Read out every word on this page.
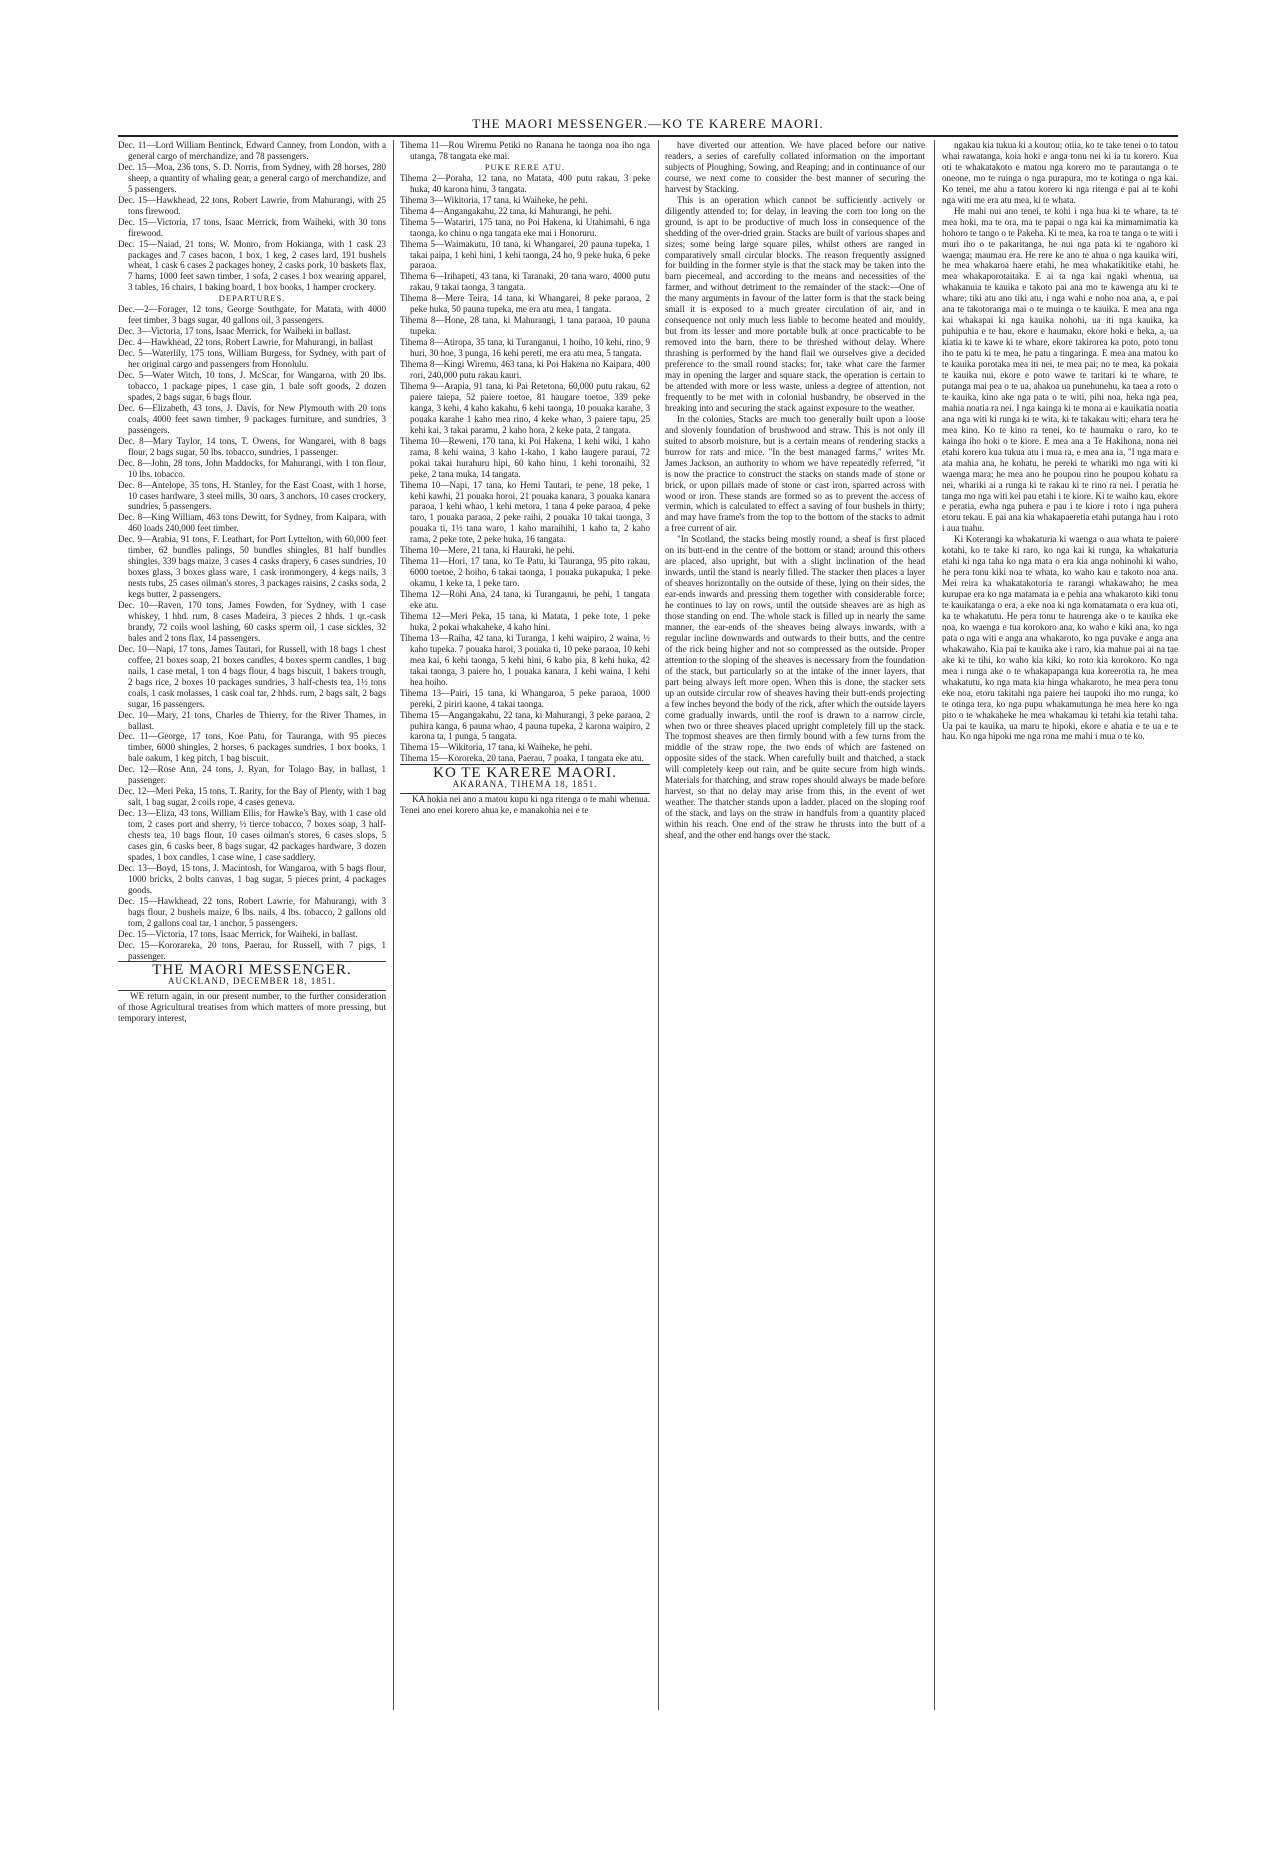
THE MAORI MESSENGER.—KO TE KARERE MAORI.

Dec. 11—Lord William Bentinck, Edward Canney, from London, with a general cargo of merchandize, and 78 passengers.

Dec. 15—Moa, 236 tons, S. D. Norris, from Sydney, with 28 horses, 280 sheep, a quantity of whaling gear, a general cargo of merchandize, and 5 passengers.

Dec. 15—Hawkhead, 22 tons, Robert Lawrie, from Mahurangi, with 25 tons firewood.

Dec. 15—Victoria, 17 tons, Isaac Merrick, from Waiheki, with 30 tons firewood.

Dec. 15—Naiad, 21 tons, W. Monro, from Hokianga, with 1 cask 23 packages and 7 cases bacon, 1 box, 1 keg, 2 cases lard, 191 bushels wheat, 1 cask 6 cases 2 packages honey, 2 casks pork, 10 baskets flax, 7 hams, 1000 feet sawn timber, 1 sofa, 2 cases 1 box wearing apparel, 3 tables, 16 chairs, 1 baking board, 1 box books, 1 hamper crockery.

DEPARTURES.

Dec.—2—Forager, 12 tons, George Southgate, for Matata, with 4000 feet timber, 3 bags sugar, 40 gallons oil, 3 passengers.

Dec. 3—Victoria, 17 tons, Isaac Merrick, for Waiheki in ballast.

Dec. 4—Hawkhead, 22 tons, Robert Lawrie, for Mahurangi, in ballast

Dec. 5—Waterlily, 175 tons, William Burgess, for Sydney, with part of her original cargo and passengers from Honolulu.

Dec. 5—Water Witch, 10 tons, J. McScar, for Wangaroa, with 20 lbs. tobacco, 1 package pipes, 1 case gin, 1 bale soft goods, 2 dozen spades, 2 bags sugar, 6 bags flour.

Dec. 6—Elizabeth, 43 tons, J. Davis, for New Plymouth with 20 tons coals, 4000 feet sawn timber, 9 packages furniture, and sundries, 3 passengers.

Dec. 8—Mary Taylor, 14 tons, T. Owens, for Wangarei, with 8 bags flour, 2 bags sugar, 50 lbs. tobacco, sundries, 1 passenger.

Dec. 8—John, 28 tons, John Maddocks, for Mahurangi, with 1 ton flour, 10 lbs. tobacco.

Dec. 8—Antelope, 35 tons, H. Stanley, for the East Coast, with 1 horse, 10 cases hardware, 3 steel mills, 30 oars, 3 anchors, 10 cases crockery, sundries, 5 passengers.

Dec. 8—King William, 463 tons Dewitt, for Sydney, from Kaipara, with 460 loads 240,000 feet timber.

Dec. 9—Arabia, 91 tons, F. Leathart, for Port Lyttelton, with 60,000 feet timber, 62 bundles palings, 50 bundles shingles, 81 half bundles shingles, 339 bags maize, 3 cases 4 casks drapery, 6 cases sundries, 10 boxes glass, 3 boxes glass ware, 1 cask ironmongery, 4 kegs nails, 3 nests tubs, 25 cases oilman's stores, 3 packages raisins, 2 casks soda, 2 kegs butter, 2 passengers.

Dec. 10—Raven, 170 tons, James Fowden, for Sydney, with 1 case whiskey, 1 hhd. rum, 8 cases Madeira, 3 pieces 2 hhds. 1 qr.-cask brandy, 72 coils wool lashing, 60 casks sperm oil, 1 case sickles, 32 bales and 2 tons flax, 14 passengers.

Dec. 10—Napi, 17 tons, James Tautari, for Russell, with 18 bags 1 chest coffee, 21 boxes soap, 21 boxes candles, 4 boxes sperm candles, 1 bag nails, 1 case metal, 1 ton 4 bags flour, 4 bags biscuit, 1 bakers trough, 2 bags rice, 2 boxes 10 packages sundries, 3 half-chests tea, 1½ tons coals, 1 cask molasses, 1 cask coal tar, 2 hhds. rum, 2 bags salt, 2 bags sugar, 16 passengers.

Dec. 10—Mary, 21 tons, Charles de Thierry, for the River Thames, in ballast.

Dec. 11—George, 17 tons, Koe Patu, for Tauranga, with 95 pieces timber, 6000 shingles, 2 horses, 6 packages sundries, 1 box books, 1 bale oakum, 1 keg pitch, 1 bag biscuit.

Dec. 12—Rose Ann, 24 tons, J. Ryan, for Tolago Bay, in ballast, 1 passenger.

Dec. 12—Meri Peka, 15 tons, T. Rarity, for the Bay of Plenty, with 1 bag salt, 1 bag sugar, 2 coils rope, 4 cases geneva.

Dec. 13—Eliza, 43 tons, William Ellis, for Hawke's Bay, with 1 case old tom, 2 cases port and sherry, ½ tierce tobacco, 7 boxes soap, 3 half-chests tea, 10 bags flour, 10 cases oilman's stores, 6 cases slops, 5 cases gin, 6 casks beer, 8 bags sugar, 42 packages hardware, 3 dozen spades, 1 box candles, 1 case wine, 1 case saddlery.

Dec. 13—Boyd, 15 tons, J. Macintosh, for Wangaroa, with 5 bags flour, 1000 bricks, 2 bolts canvas, 1 bag sugar, 5 pieces print, 4 packages goods.

Dec. 15—Hawkhead, 22 tons, Robert Lawrie, for Mahurangi, with 3 bags flour, 2 bushels maize, 6 lbs. nails, 4 lbs. tobacco, 2 gallons old tom, 2 gallons coal tar, 1 anchor, 5 passengers.

Dec. 15—Victoria, 17 tons, Isaac Merrick, for Waiheki, in ballast.

Dec. 15—Kororareka, 20 tons, Paerau, for Russell, with 7 pigs, 1 passenger.

THE MAORI MESSENGER.

AUCKLAND, DECEMBER 18, 1851.

WE return again, in our present number, to the further consideration of those Agricultural treatises from which matters of more pressing, but temporary interest,

Tihema 11—Rou Wiremu Petiki no Ranana he taonga noa iho nga utanga, 78 tangata eke mai.

PUKE RERE ATU.

Tihema 2—Poraha, 12 tana, no Matata, 400 putu rakau, 3 peke huka, 40 karona hinu, 3 tangata.

Tihema 3—Wikitoria, 17 tana, ki Waiheke, he pehi.

Tihema 4—Angangakahu, 22 tana, ki Mahurangi, he pehi.

Tihema 5—Watariri, 175 tana, no Poi Hakena, ki Utahimahi, 6 nga taonga, ko chinu o nga tangata eke mai i Honoruru.

Tihema 5—Waimakutu, 10 tana, ki Whangarei, 20 pauna tupeka, 1 takai paipa, 1 kehi hini, 1 kehi taonga, 24 ho, 9 peke huka, 6 peke paraoa.

Tihema 6—Irihapeti, 43 tana, ki Taranaki, 20 tana waro, 4000 putu rakau, 9 takai taonga, 3 tangata.

Tihema 8—Mere Teira, 14 tana, ki Whangarei, 8 peke paraoa, 2 peke huka, 50 pauna tupeka, me era atu mea, 1 tangata.

Tihema 8—Hone, 28 tana, ki Mahurangi, 1 tana paraoa, 10 pauna tupeka.

Tihema 8—Atiropa, 35 tana, ki Turanganui, 1 hoiho, 10 kehi, rino, 9 huri, 30 hoe, 3 punga, 16 kehi pereti, me era atu mea, 5 tangata.

Tihema 8—Kingi Wiremu, 463 tana, ki Poi Hakena no Kaipara, 400 rori, 240,000 putu rakau kauri.

Tihema 9—Arapia, 91 tana, ki Pai Retetona, 60,000 putu rakau, 62 paiere taiepa, 52 paiere toetoe, 81 haugare toetoe, 339 peke kanga, 3 kehi, 4 kaho kakahu, 6 kehi taonga, 10 pouaka karahe, 3 pouaka karahe 1 kaho mea rino, 4 keke whao, 3 paiere tapu, 25 kehi kai, 3 takai paramu, 2 kaho hora, 2 keke pata, 2 tangata.

Tihema 10—Reweni, 170 tana, ki Poi Hakena, 1 kehi wiki, 1 kaho rama, 8 kehi waina, 3 kaho 1-kaho, 1 kaho laugere paraui, 72 pokai takai hurahuru hipi, 60 kaho hinu, 1 kehi toronaihi, 32 peke, 2 tana muka, 14 tangata.

Tihema 10—Napi, 17 tana, ko Hemi Tautari, te pene, 18 peke, 1 kehi kawhi, 21 pouaka horoi, 21 pouaka kanara, 3 pouaka kanara paraoa, 1 kehi whao, 1 kehi metora, 1 tana 4 peke paraoa, 4 peke taro, 1 pouaka paraoa, 2 peke raihi, 2 pouaka 10 takai taonga, 3 pouaka ti, 1½ tana waro, 1 kaho maraihihi, 1 kaho ta, 2 kaho rama, 2 peke tote, 2 peke huka, 16 tangata.

Tihema 10—Mere, 21 tana, ki Hauraki, he pehi.

Tihema 11—Hori, 17 tana, ko Te Patu, ki Tauranga, 95 pito rakau, 6000 toetoe, 2 hoiho, 6 takai taonga, 1 pouaka pukapuka, 1 peke okamu, 1 keke ta, 1 peke taro.

Tihema 12—Rohi Ana, 24 tana, ki Turangauui, he pehi, 1 tangata eke atu.

Tihema 12—Meri Peka, 15 tana, ki Matata, 1 peke tote, 1 peke huka, 2 pokai whakaheke, 4 kaho hini.

Tihema 13—Raiha, 42 tana, ki Turanga, 1 kehi waipiro, 2 waina, ½ kaho tupeka. 7 pouaka haroi, 3 pouaka ti, 10 peke paraoa, 10 kehi mea kai, 6 kehi taonga, 5 kehi hini, 6 kaho pia, 8 kehi huka, 42 takai taonga, 3 paiere ho, 1 pouaka kanara, 1 kehi waina, 1 kehi hea hoiho.

Tihema 13—Pairi, 15 tana, ki Whangaroa, 5 peke paraoa, 1000 pereki, 2 piriri kaone, 4 takai taonga.

Tihema 15—Angangakahu, 22 tana, ki Mahurangi, 3 peke paraoa, 2 puhira kanga, 6 pauna whao, 4 pauna tupeka, 2 karona waipiro, 2 karona ta, 1 punga, 5 tangata.

Tihema 15—Wikitoria, 17 tana, ki Waiheke, he pehi.

Tihema 15—Kororeka, 20 tana, Paerau, 7 poaka, 1 tangata eke atu.

KO TE KARERE MAORI.

AKARANA, TIHEMA 18, 1851.

KA hokia nei ano a matou kupu ki nga ritenga o te mahi whenua. Tenei ano enei korero ahua ke, e manakohia nei e te

have diverted our attention. We have placed before our native readers, a series of carefully collated information on the important subjects of Ploughing, Sowing, and Reaping; and in continuance of our course, we next come to consider the best manner of securing the harvest by Stacking.

This is an operation which cannot be sufficiently actively or diligently attended to; for delay, in leaving the corn too long on the ground, is apt to be productive of much loss in consequence of the shedding of the over-dried grain. Stacks are built of various shapes and sizes; some being large square piles, whilst others are ranged in comparatively small circular blocks. The reason frequently assigned for building in the former style is that the stack may be taken into the barn piecemeal, and according to the means and necessities of the farmer, and without detriment to the remainder of the stack:—One of the many arguments in favour of the latter form is that the stack being small it is exposed to a much greater circulation of air, and in consequence not only much less liable to become heated and mouldy, but from its lesser and more portable bulk at once practicable to be removed into the barn, there to be threshed without delay. Where thrashing is performed by the hand flail we ourselves give a decided preference to the small round stacks; for, take what care the farmer may in opening the larger and square stack, the operation is certain to be attended with more or less waste, unless a degree of attention, not frequently to be met with in colonial husbandry, be observed in the breaking into and securing the stack against exposure to the weather.

In the colonies, Stacks are much too generally built upon a loose and slovenly foundation of brushwood and straw. This is not only ill suited to absorb moisture, but is a certain means of rendering stacks a burrow for rats and mice. "In the best managed farms," writes Mr. James Jackson, an authority to whom we have repeatedly referred, "it is now the practice to construct the stacks on stands made of stone or brick, or upon pillars made of stone or cast iron, sparred across with wood or iron. These stands are formed so as to prevent the access of vermin, which is calculated to effect a saving of four bushels in thirty; and may have frame's from the top to the bottom of the stacks to admit a free current of air.

"In Scotland, the stacks being mostly round, a sheaf is first placed on its butt-end in the centre of the bottom or stand; around this others are placed, also upright, but with a slight inclination of the head inwards, until the stand is nearly filled. The stacker then places a layer of sheaves horizontally on the outside of these, lying on their sides, the ear-ends inwards and pressing them together with considerable force; he continues to lay on rows, until the outside sheaves are as high as those standing on end. The whole stack is filled up in nearly the same manner, the ear-ends of the sheaves being always inwards, with a regular incline downwards and outwards to their butts, and the centre of the rick being higher and not so compressed as the outside. Proper attention to the sloping of the sheaves is necessary from the foundation of the stack, but particularly so at the intake of the inner layers, that part being always left more open. When this is done, the stacker sets up an outside circular row of sheaves having their butt-ends projecting a few inches beyond the body of the rick, after which the outside layers come gradually inwards, until the roof is drawn to a narrow circle, when two or three sheaves placed upright completely fill up the stack. The topmost sheaves are then firmly bound with a few turns from the middle of the straw rope, the two ends of which are fastened on opposite sides of the stack. When carefully built and thatched, a stack will completely keep out rain, and be quite secure from high winds. Materials for thatching, and straw ropes should always be made before harvest, so that no delay may arise from this, in the event of wet weather. The thatcher stands upon a ladder, placed on the sloping roof of the stack, and lays on the straw in handfuls from a quantity placed within his reach. One end of the straw he thrusts into the butt of a sheaf, and the other end hangs over the stack.

ngakau kia tukua ki a koutou; otiia, ko te take tenei o to tatou whai rawatanga, koia hoki e anga tonu nei ki ia tu korero. Kua oti te whakatakoto e matou nga korero mo te parautanga o te oneone, mo te ruinga o nga purapura, mo te kotinga o nga kai. Ko tenei, me ahu a tatou korero ki nga ritenga e pai ai te kohi nga witi me era atu mea, ki te whata.

He mahi nui ano tenei, te kohi i nga hua ki te whare, ta te mea hoki, ma te ora, ma te papai o nga kai ka mimamimatia ka hohoro te tango o te Pakeha. Ki te mea, ka roa te tanga o te witi i muri iho o te pakaritanga, he nui nga pata ki te ngahoro ki waenga; maumau era. He rere ke ano te ahua o nga kauika witi, he mea whakaroa haere etahi, he mea whakatikitike etahi, he mea whakaporotaitaka. E ai ta nga kai ngaki whenua, ua whakanuia te kauika e takoto pai ana mo te kawenga atu ki te whare; tiki atu ano tiki atu, i nga wahi e noho noa ana, a, e pai ana te takotoranga mai o te muinga o te kauika. E mea ana nga kai whakapai ki nga kauika nohohi, ua iti nga kauika, ka puhipuhia e te hau, ekore e haumaku, ekore hoki e heka, a, ua kiatia ki te kawe ki te whare, ekore takirorea ka poto, poto tonu iho te patu ki te mea, he patu a tingaringa. E mea ana matou ko te kauika porotaka mea iti nei, te mea pai; no te mea, ka pokaia te kauika nui, ekore e poto wawe te taritari ki te whare, te putanga mai pea o te ua, ahakoa ua punehunehu, ka taea a roto o te kauika, kino ake nga pata o te witi, pihi noa, heka nga pea, mahia noatia ra nei. I nga kainga ki te mona ai e kauikatia noatia ana nga witi ki runga ki te wita, ki te takakau witi; ehara tera he mea kino. Ko te kino ra tenei, ko te haumaku o raro, ko te kainga iho hoki o te kiore. E mea ana a Te Hakihona, nona nei etahi korero kua tukua atu i mua ra, e mea ana ia, "I nga mara e ata mahia ana, he kohatu, he pereki te whariki mo nga witi ki waenga mara; he mea ano he poupou rino he poupou kohatu ra nei, whariki ai a runga ki te rakau ki te rino ra nei. I peratia he tanga mo nga witi kei pau etahi i te kiore. Ki te waiho kau, ekore e peratia, ewha nga puhera e pau i te kiore i roto i nga puhera etoru tekau. E pai ana kia whakapaeretia etahi putanga hau i roto i aua tuahu.

Ki Koterangi ka whakaturia ki waenga o aua whata te paiere kotahi, ko te take ki raro, ko nga kai ki runga, ka whakaturia etahi ki nga taha ko nga mata o era kia anga nohinohi ki waho, he pera tonu kiki noa te whata, ko waho kau e takoto noa ana. Mei reira ka whakatakotoria te rarangi whakawaho; he mea kurupae era ko nga matamata ia e pehia ana whakaroto kiki tonu te kauikatanga o era, a eke noa ki nga komatamata o era kua oti, ka te whakatutu. He pera tonu te haurenga ake o te kauika eke noa, ko waenga e tua korokoro ana, ko waho e kiki ana, ko nga pata o nga witi e anga ana whakaroto, ko nga puvake e anga ana whakawaho. Kia pai te kauika ake i raro, kia mahue pai ai na tae ake ki te tihi, ko waho kia kiki, ko roto kia korokoro. Ko nga mea i runga ake o te whakapapanga kua koreerotia ra, he mea whakatutu, ko nga mata kia hinga whakaroto, he mea pera tonu eke noa, etoru takitahi nga paiere hei taupoki iho mo runga, ko te otinga tera, ko nga pupu whakamutunga he mea here ko nga pito o te whakaheke he mea whakamau ki tetahi kia tetahi taha. Ua pai te kauika, ua maru te hipoki, ekore e ahatia e te ua e te hau. Ko nga hipoki me nga rona me mahi i mua o te ko.
